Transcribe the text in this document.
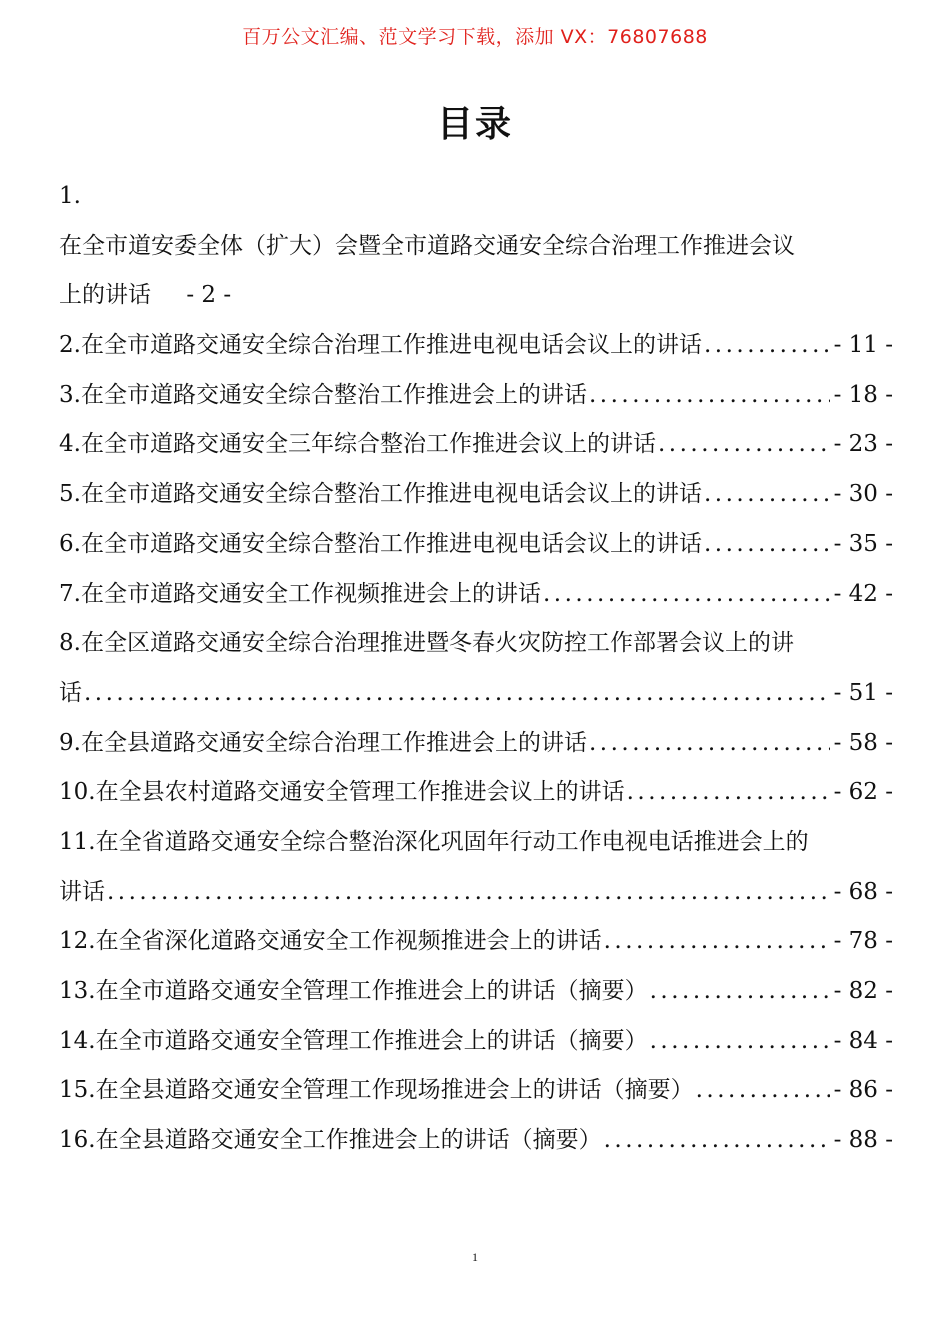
百万公文汇编、范文学习下载，添加 VX：76807688
目录
1.
在全市道安委全体（扩大）会暨全市道路交通安全综合治理工作推进会议
上的讲话 - 2 -
2.在全市道路交通安全综合治理工作推进电视电话会议上的讲话 .....	- 11 -
3.在全市道路交通安全综合整治工作推进会上的讲话 .....	- 18 -
4.在全市道路交通安全三年综合整治工作推进会议上的讲话 .....	- 23 -
5.在全市道路交通安全综合整治工作推进电视电话会议上的讲话 .....	- 30 -
6.在全市道路交通安全综合整治工作推进电视电话会议上的讲话 .....	- 35 -
7.在全市道路交通安全工作视频推进会上的讲话 .....	- 42 -
8.在全区道路交通安全综合治理推进暨冬春火灾防控工作部署会议上的讲
话 .....	- 51 -
9.在全县道路交通安全综合治理工作推进会上的讲话 .....	- 58 -
10.在全县农村道路交通安全管理工作推进会议上的讲话 .....	- 62 -
11.在全省道路交通安全综合整治深化巩固年行动工作电视电话推进会上的
讲话 .....	- 68 -
12.在全省深化道路交通安全工作视频推进会上的讲话 .....	- 78 -
13.在全市道路交通安全管理工作推进会上的讲话（摘要） .....	- 82 -
14.在全市道路交通安全管理工作推进会上的讲话（摘要） .....	- 84 -
15.在全县道路交通安全管理工作现场推进会上的讲话（摘要） .....	- 86 -
16.在全县道路交通安全工作推进会上的讲话（摘要） .....	- 88 -
1
